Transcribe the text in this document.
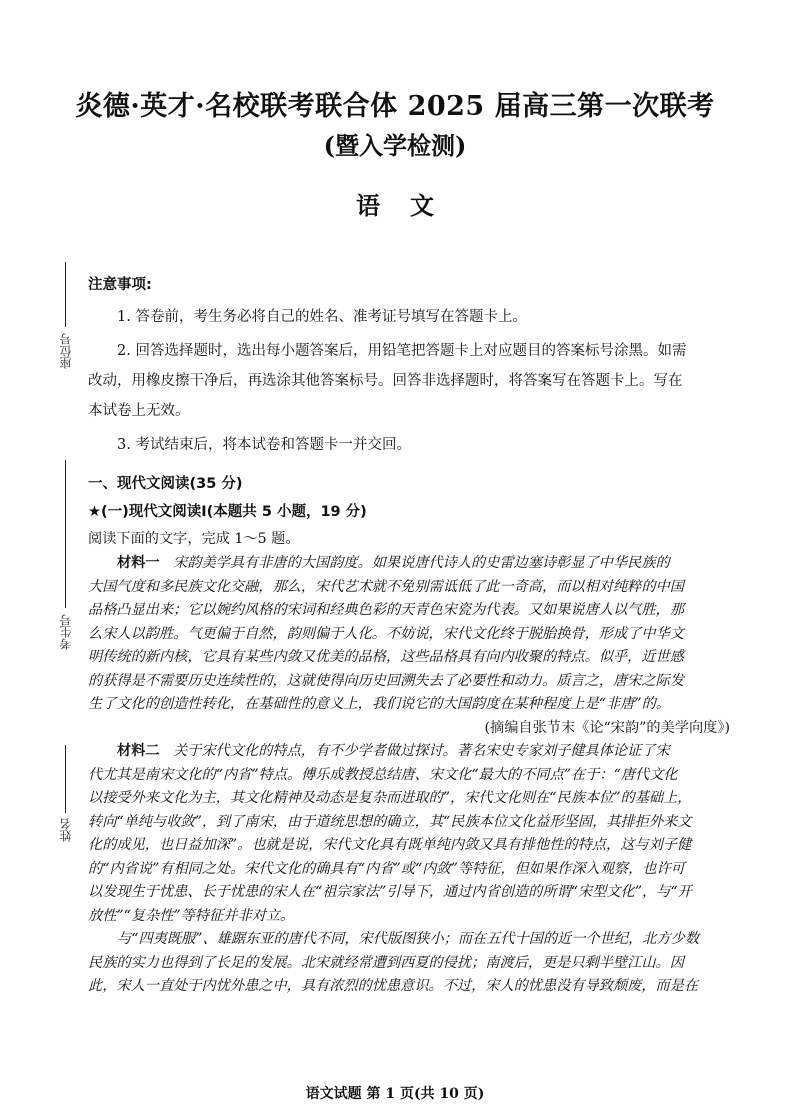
炎德·英才·名校联考联合体 2025 届高三第一次联考
(暨入学检测)
语文
座位号
考生号
姓名

注意事项:

1. 答卷前，考生务必将自己的姓名、准考证号填写在答题卡上。

2. 回答选择题时，选出每小题答案后，用铅笔把答题卡上对应题目的答案标号涂黑。如需

改动，用橡皮擦干净后，再选涂其他答案标号。回答非选择题时，将答案写在答题卡上。写在

本试卷上无效。

3. 考试结束后，将本试卷和答题卡一并交回。

一、现代文阅读(35 分)
★(一)现代文阅读Ⅰ(本题共 5 小题，19 分)
阅读下面的文字，完成 1～5 题。
材料一 宋韵美学具有非唐的大国韵度。如果说唐代诗人的史雷边塞诗彰显了中华民族的
大国气度和多民族文化交融，那么，宋代艺术就不免别需诋低了此一奇高，而以相对纯粹的中国
品格凸显出来；它以婉约风格的宋词和经典色彩的天青色宋瓷为代表。又如果说唐人以气胜，那
么宋人以韵胜。气更偏于自然，韵则偏于人化。不妨说，宋代文化终于脱胎换骨，形成了中华文
明传统的新内核，它具有某些内敛又优美的品格，这些品格具有向内收聚的特点。似乎，近世感
的获得是不需要历史连续性的，这就使得向历史回溯失去了必要性和动力。质言之，唐宋之际发
生了文化的创造性转化，在基础性的意义上，我们说它的大国韵度在某种程度上是“非唐”的。
(摘编自张节末《论“宋韵”的美学向度》)
材料二 关于宋代文化的特点，有不少学者做过探讨。著名宋史专家刘子健具体论证了宋
代尤其是南宋文化的“内省”特点。傅乐成教授总结唐、宋文化“最大的不同点”在于：“唐代文化
以接受外来文化为主，其文化精神及动态是复杂而进取的”，宋代文化则在“民族本位”的基础上，
转向“单纯与收敛”，到了南宋，由于道统思想的确立，其“民族本位文化益形坚固，其排拒外来文
化的成见，也日益加深”。也就是说，宋代文化具有既单纯内敛又具有排他性的特点，这与刘子健
的“内省说”有相同之处。宋代文化的确具有“内省”或“内敛”等特征，但如果作深入观察，也许可
以发现生于忧患、长于忧患的宋人在“祖宗家法”引导下，通过内省创造的所谓“宋型文化”，与“开
放性”“复杂性”等特征并非对立。
与“四夷既服”、雄踞东亚的唐代不同，宋代版图狭小；而在五代十国的近一个世纪，北方少数
民族的实力也得到了长足的发展。北宋就经常遭到西夏的侵扰；南渡后，更是只剩半壁江山。因
此，宋人一直处于内忧外患之中，具有浓烈的忧患意识。不过，宋人的忧患没有导致颓废，而是在
语文试题 第 1 页(共 10 页)
